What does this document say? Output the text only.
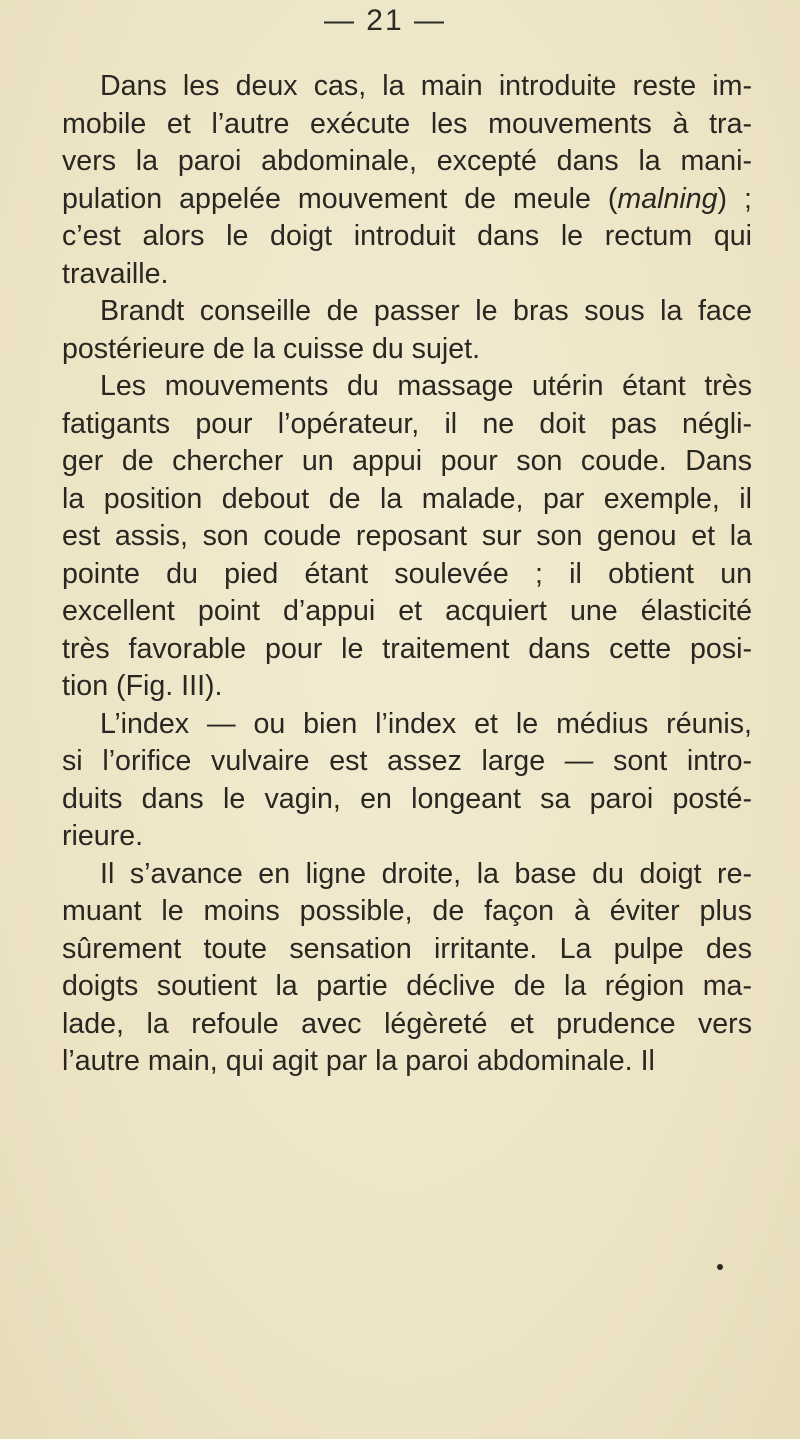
— 21 —
Dans les deux cas, la main introduite reste im-
mobile et l’autre exécute les mouvements à tra-
vers la paroi abdominale, excepté dans la mani-
pulation appelée mouvement de meule (malning) ;
c’est alors le doigt introduit dans le rectum qui
travaille.
Brandt conseille de passer le bras sous la face
postérieure de la cuisse du sujet.
Les mouvements du massage utérin étant très
fatigants pour l’opérateur, il ne doit pas négli-
ger de chercher un appui pour son coude. Dans
la position debout de la malade, par exemple, il
est assis, son coude reposant sur son genou et la
pointe du pied étant soulevée ; il obtient un
excellent point d’appui et acquiert une élasticité
très favorable pour le traitement dans cette posi-
tion (Fig. III).
L’index — ou bien l’index et le médius réunis,
si l’orifice vulvaire est assez large — sont intro-
duits dans le vagin, en longeant sa paroi posté-
rieure.
Il s’avance en ligne droite, la base du doigt re-
muant le moins possible, de façon à éviter plus
sûrement toute sensation irritante. La pulpe des
doigts soutient la partie déclive de la région ma-
lade, la refoule avec légèreté et prudence vers
l’autre main, qui agit par la paroi abdominale. Il
